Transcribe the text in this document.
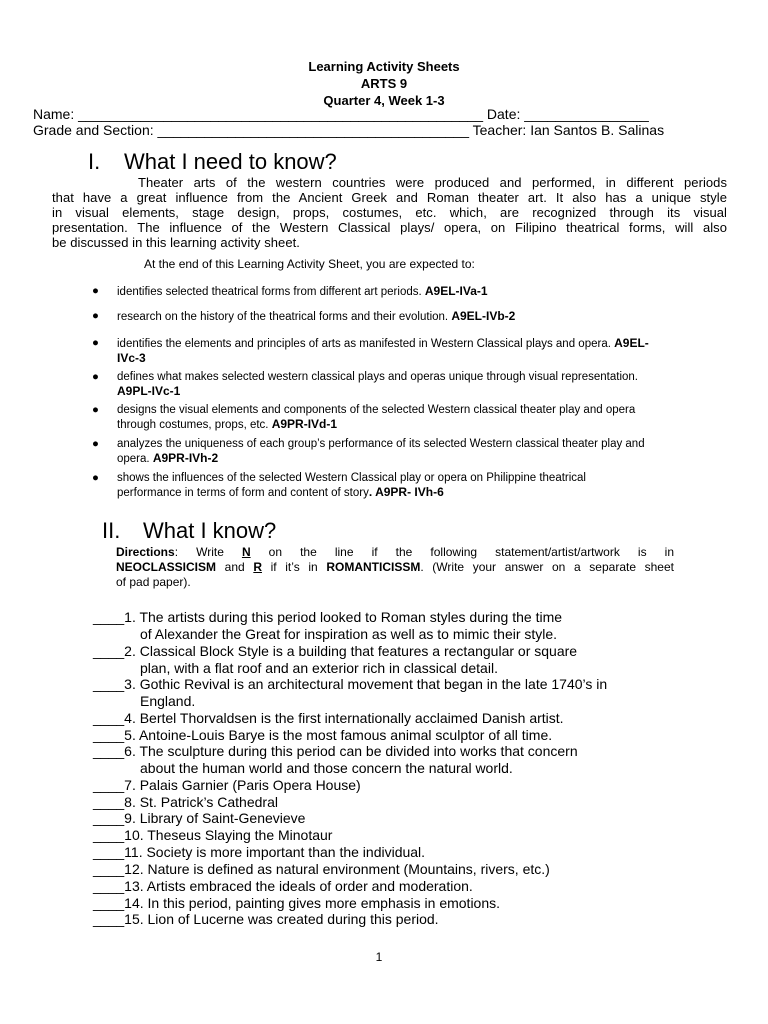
Learning Activity Sheets
ARTS 9
Quarter 4, Week 1-3
Name: ____________________________________________________ Date: ________________
Grade and Section: ________________________________________ Teacher: Ian Santos B. Salinas
I. What I need to know?
Theater arts of the western countries were produced and performed, in different periods
that have a great influence from the Ancient Greek and Roman theater art. It also has a unique style
in visual elements, stage design, props, costumes, etc. which, are recognized through its visual
presentation. The influence of the Western Classical plays/ opera, on Filipino theatrical forms, will also
be discussed in this learning activity sheet.
At the end of this Learning Activity Sheet, you are expected to:
● identifies selected theatrical forms from different art periods. A9EL-IVa-1
● research on the history of the theatrical forms and their evolution. A9EL-IVb-2
● identifies the elements and principles of arts as manifested in Western Classical plays and opera. A9EL-IVc-3
● defines what makes selected western classical plays and operas unique through visual representation. A9PL-IVc-1
● designs the visual elements and components of the selected Western classical theater play and opera through costumes, props, etc. A9PR-IVd-1
● analyzes the uniqueness of each group’s performance of its selected Western classical theater play and opera. A9PR-IVh-2
● shows the influences of the selected Western Classical play or opera on Philippine theatrical performance in terms of form and content of story. A9PR- IVh-6
II. What I know?
Directions: Write N on the line if the following statement/artist/artwork is in
NEOCLASSICISM and R if it’s in ROMANTICISSM. (Write your answer on a separate sheet
of pad paper).
____1. The artists during this period looked to Roman styles during the time
of Alexander the Great for inspiration as well as to mimic their style.
____2. Classical Block Style is a building that features a rectangular or square
plan, with a flat roof and an exterior rich in classical detail.
____3. Gothic Revival is an architectural movement that began in the late 1740’s in
England.
____4. Bertel Thorvaldsen is the first internationally acclaimed Danish artist.
____5. Antoine-Louis Barye is the most famous animal sculptor of all time.
____6. The sculpture during this period can be divided into works that concern
about the human world and those concern the natural world.
____7. Palais Garnier (Paris Opera House)
____8. St. Patrick’s Cathedral
____9. Library of Saint-Genevieve
____10. Theseus Slaying the Minotaur
____11. Society is more important than the individual.
____12. Nature is defined as natural environment (Mountains, rivers, etc.)
____13. Artists embraced the ideals of order and moderation.
____14. In this period, painting gives more emphasis in emotions.
____15. Lion of Lucerne was created during this period.
1
